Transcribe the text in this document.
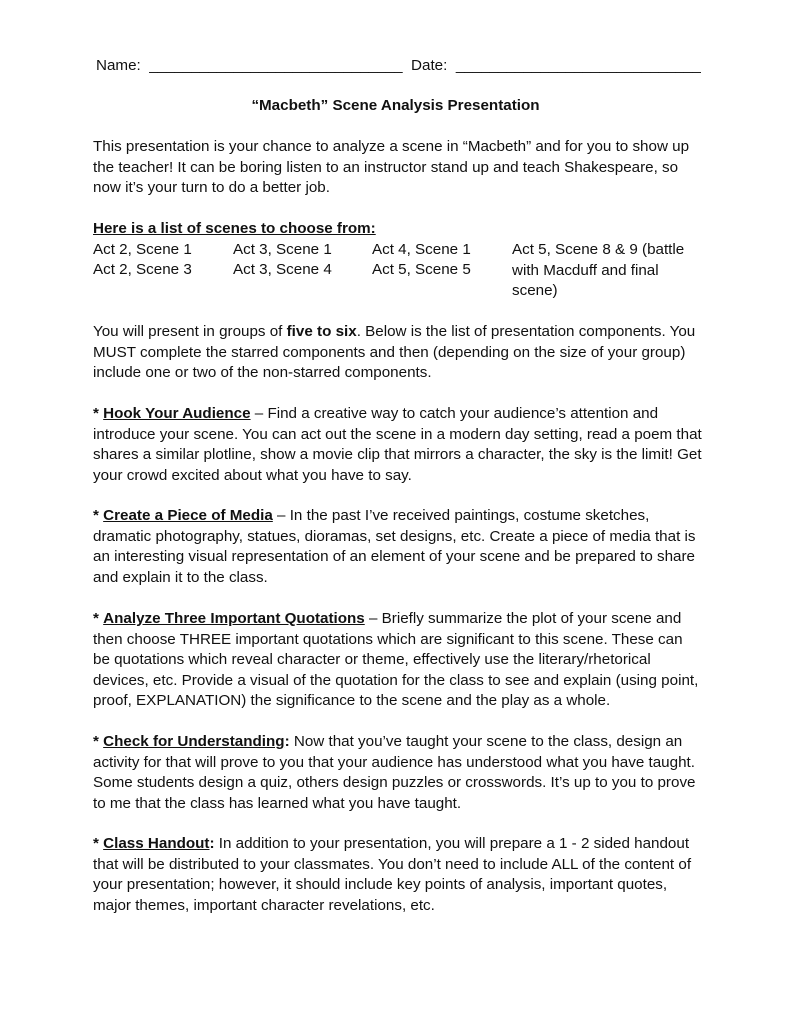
Name: ______________________________ Date: _____________________________
“Macbeth” Scene Analysis Presentation
This presentation is your chance to analyze a scene in “Macbeth” and for you to show up the teacher! It can be boring listen to an instructor stand up and teach Shakespeare, so now it’s your turn to do a better job.
Here is a list of scenes to choose from:
Act 2, Scene 1	Act 3, Scene 1	Act 4, Scene 1	Act 5, Scene 8 & 9 (battle with Macduff and final scene)
Act 2, Scene 3	Act 3, Scene 4	Act 5, Scene 5
You will present in groups of five to six. Below is the list of presentation components. You MUST complete the starred components and then (depending on the size of your group) include one or two of the non-starred components.
* Hook Your Audience – Find a creative way to catch your audience’s attention and introduce your scene. You can act out the scene in a modern day setting, read a poem that shares a similar plotline, show a movie clip that mirrors a character, the sky is the limit! Get your crowd excited about what you have to say.
* Create a Piece of Media – In the past I’ve received paintings, costume sketches, dramatic photography, statues, dioramas, set designs, etc. Create a piece of media that is an interesting visual representation of an element of your scene and be prepared to share and explain it to the class.
* Analyze Three Important Quotations – Briefly summarize the plot of your scene and then choose THREE important quotations which are significant to this scene. These can be quotations which reveal character or theme, effectively use the literary/rhetorical devices, etc. Provide a visual of the quotation for the class to see and explain (using point, proof, EXPLANATION) the significance to the scene and the play as a whole.
* Check for Understanding: Now that you’ve taught your scene to the class, design an activity for that will prove to you that your audience has understood what you have taught. Some students design a quiz, others design puzzles or crosswords. It’s up to you to prove to me that the class has learned what you have taught.
* Class Handout: In addition to your presentation, you will prepare a 1 - 2 sided handout that will be distributed to your classmates. You don’t need to include ALL of the content of your presentation; however, it should include key points of analysis, important quotes, major themes, important character revelations, etc.
